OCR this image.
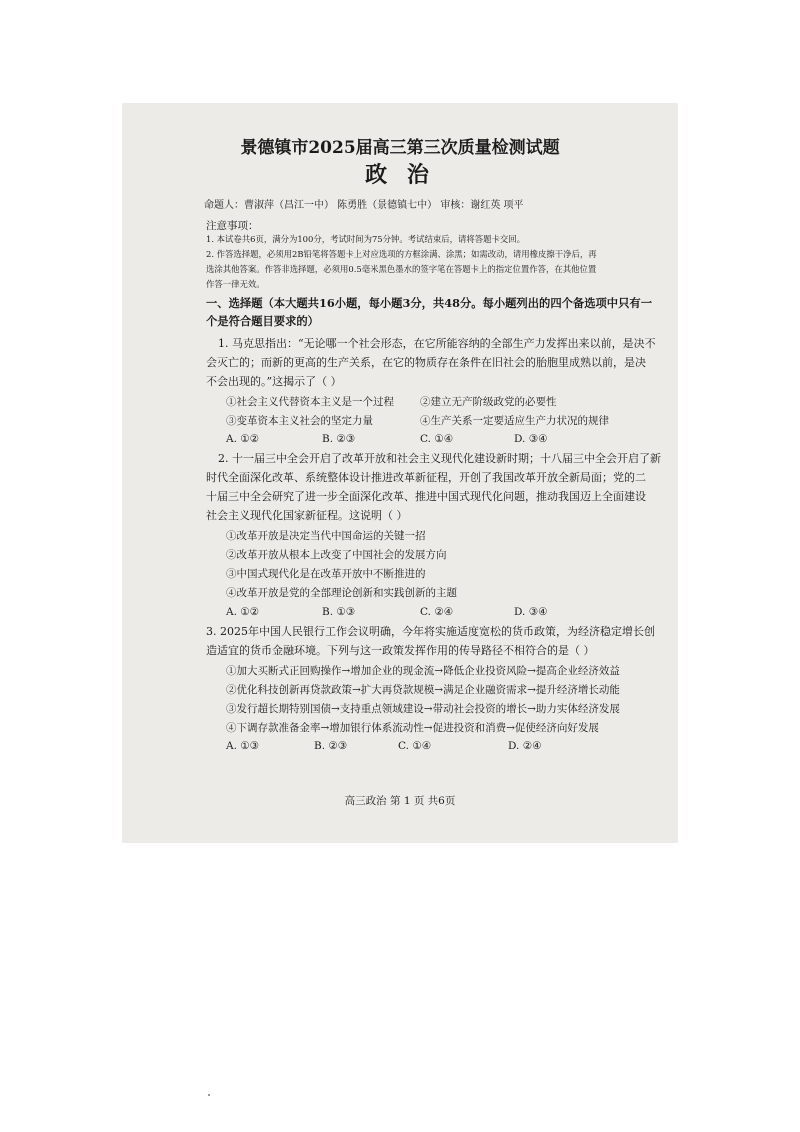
景德镇市2025届高三第三次质量检测试题
政 治
命题人：曹淑萍（昌江一中） 陈勇胜（景德镇七中） 审核：谢红英 项平
注意事项：
1. 本试卷共6页，满分为100分，考试时间为75分钟。考试结束后，请将答题卡交回。
2. 作答选择题，必须用2B铅笔将答题卡上对应选项的方框涂满、涂黑；如需改动，请用橡皮擦干净后，再
选涂其他答案。作答非选择题，必须用0.5毫米黑色墨水的签字笔在答题卡上的指定位置作答，在其他位置
作答一律无效。
一、选择题（本大题共16小题，每小题3分，共48分。每小题列出的四个备选项中只有一
个是符合题目要求的）
1. 马克思指出：“无论哪一个社会形态，在它所能容纳的全部生产力发挥出来以前，是决不
会灭亡的；而新的更高的生产关系，在它的物质存在条件在旧社会的胎胞里成熟以前，是决
不会出现的。”这揭示了（ ）
①社会主义代替资本主义是一个过程 ②建立无产阶级政党的必要性
③变革资本主义社会的坚定力量	④生产关系一定要适应生产力状况的规律
A. ①②	B. ②③	C. ①④	D. ③④
2. 十一届三中全会开启了改革开放和社会主义现代化建设新时期；十八届三中全会开启了新
时代全面深化改革、系统整体设计推进改革新征程，开创了我国改革开放全新局面；党的二
十届三中全会研究了进一步全面深化改革、推进中国式现代化问题，推动我国迈上全面建设
社会主义现代化国家新征程。这说明（ ）
①改革开放是决定当代中国命运的关键一招
②改革开放从根本上改变了中国社会的发展方向
③中国式现代化是在改革开放中不断推进的
④改革开放是党的全部理论创新和实践创新的主题
A. ①②	B. ①③	C. ②④	D. ③④
3. 2025年中国人民银行工作会议明确，今年将实施适度宽松的货币政策，为经济稳定增长创
造适宜的货币金融环境。下列与这一政策发挥作用的传导路径不相符合的是（ ）
①加大买断式正回购操作→增加企业的现金流→降低企业投资风险→提高企业经济效益
②优化科技创新再贷款政策→扩大再贷款规模→满足企业融资需求→提升经济增长动能
③发行超长期特别国债→支持重点领域建设→带动社会投资的增长→助力实体经济发展
④下调存款准备金率→增加银行体系流动性→促进投资和消费→促使经济向好发展
A. ①③	B. ②③	C. ①④	D. ②④
高三政治 第 1 页 共6页
